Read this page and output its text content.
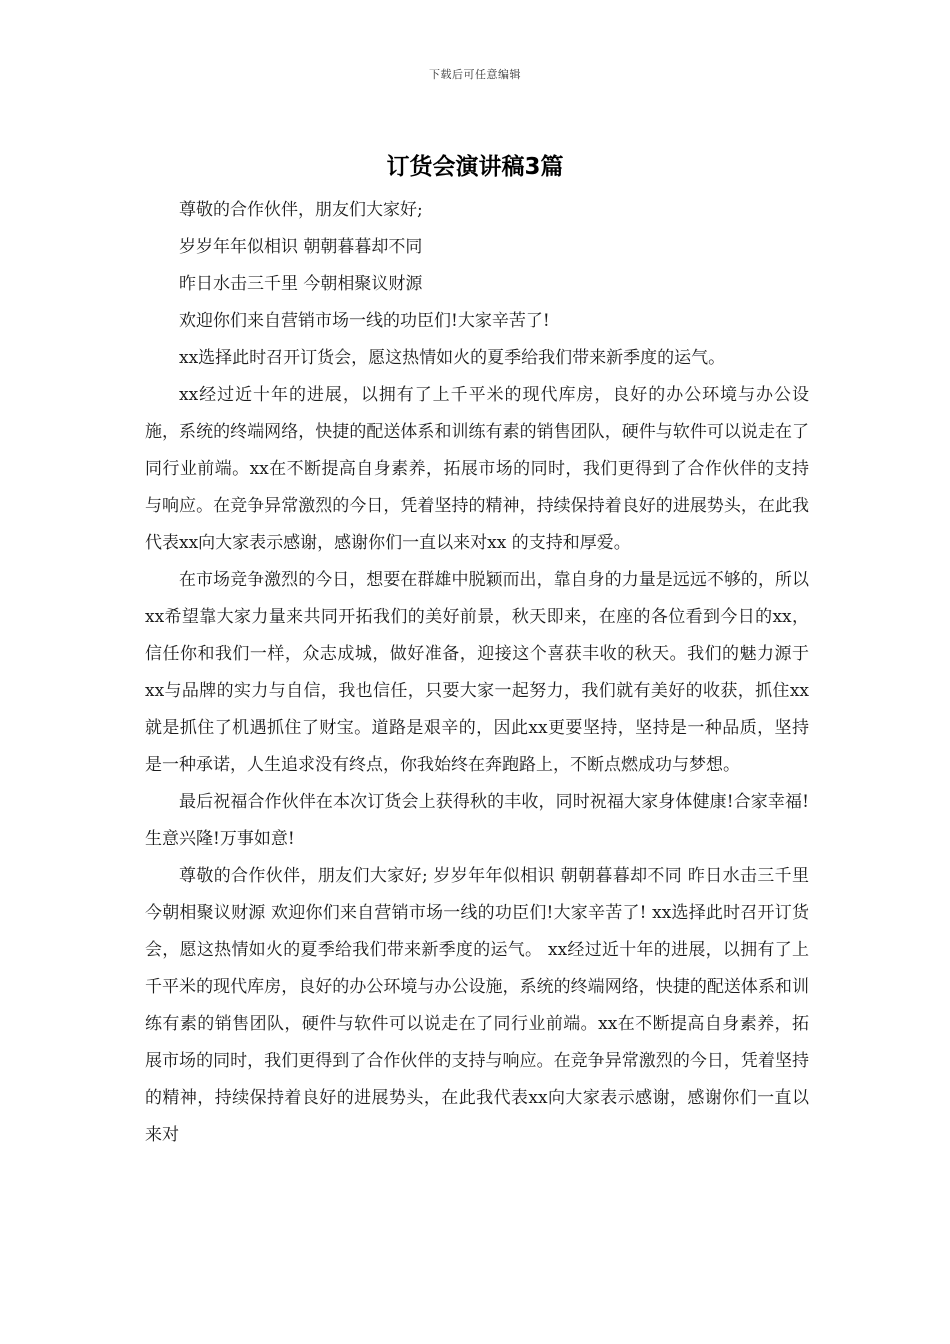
下载后可任意编辑
订货会演讲稿3篇

尊敬的合作伙伴，朋友们大家好;

岁岁年年似相识 朝朝暮暮却不同

昨日水击三千里 今朝相聚议财源

欢迎你们来自营销市场一线的功臣们!大家辛苦了!

xx选择此时召开订货会，愿这热情如火的夏季给我们带来新季度的运气。

xx经过近十年的进展，以拥有了上千平米的现代库房，良好的办公环境与办公设施，系统的终端网络，快捷的配送体系和训练有素的销售团队，硬件与软件可以说走在了同行业前端。xx在不断提高自身素养，拓展市场的同时，我们更得到了合作伙伴的支持与响应。在竞争异常激烈的今日，凭着坚持的精神，持续保持着良好的进展势头，在此我代表xx向大家表示感谢，感谢你们一直以来对xx 的支持和厚爱。

在市场竞争激烈的今日，想要在群雄中脱颖而出，靠自身的力量是远远不够的，所以xx希望靠大家力量来共同开拓我们的美好前景，秋天即来，在座的各位看到今日的xx，信任你和我们一样，众志成城，做好准备，迎接这个喜获丰收的秋天。我们的魅力源于xx与品牌的实力与自信，我也信任，只要大家一起努力，我们就有美好的收获，抓住xx就是抓住了机遇抓住了财宝。道路是艰辛的，因此xx更要坚持，坚持是一种品质，坚持是一种承诺，人生追求没有终点，你我始终在奔跑路上，不断点燃成功与梦想。

最后祝福合作伙伴在本次订货会上获得秋的丰收，同时祝福大家身体健康!合家幸福!生意兴隆!万事如意!

尊敬的合作伙伴，朋友们大家好; 岁岁年年似相识 朝朝暮暮却不同 昨日水击三千里 今朝相聚议财源 欢迎你们来自营销市场一线的功臣们!大家辛苦了! xx选择此时召开订货会，愿这热情如火的夏季给我们带来新季度的运气。 xx经过近十年的进展，以拥有了上千平米的现代库房，良好的办公环境与办公设施，系统的终端网络，快捷的配送体系和训练有素的销售团队，硬件与软件可以说走在了同行业前端。xx在不断提高自身素养，拓展市场的同时，我们更得到了合作伙伴的支持与响应。在竞争异常激烈的今日，凭着坚持的精神，持续保持着良好的进展势头，在此我代表xx向大家表示感谢，感谢你们一直以来对
